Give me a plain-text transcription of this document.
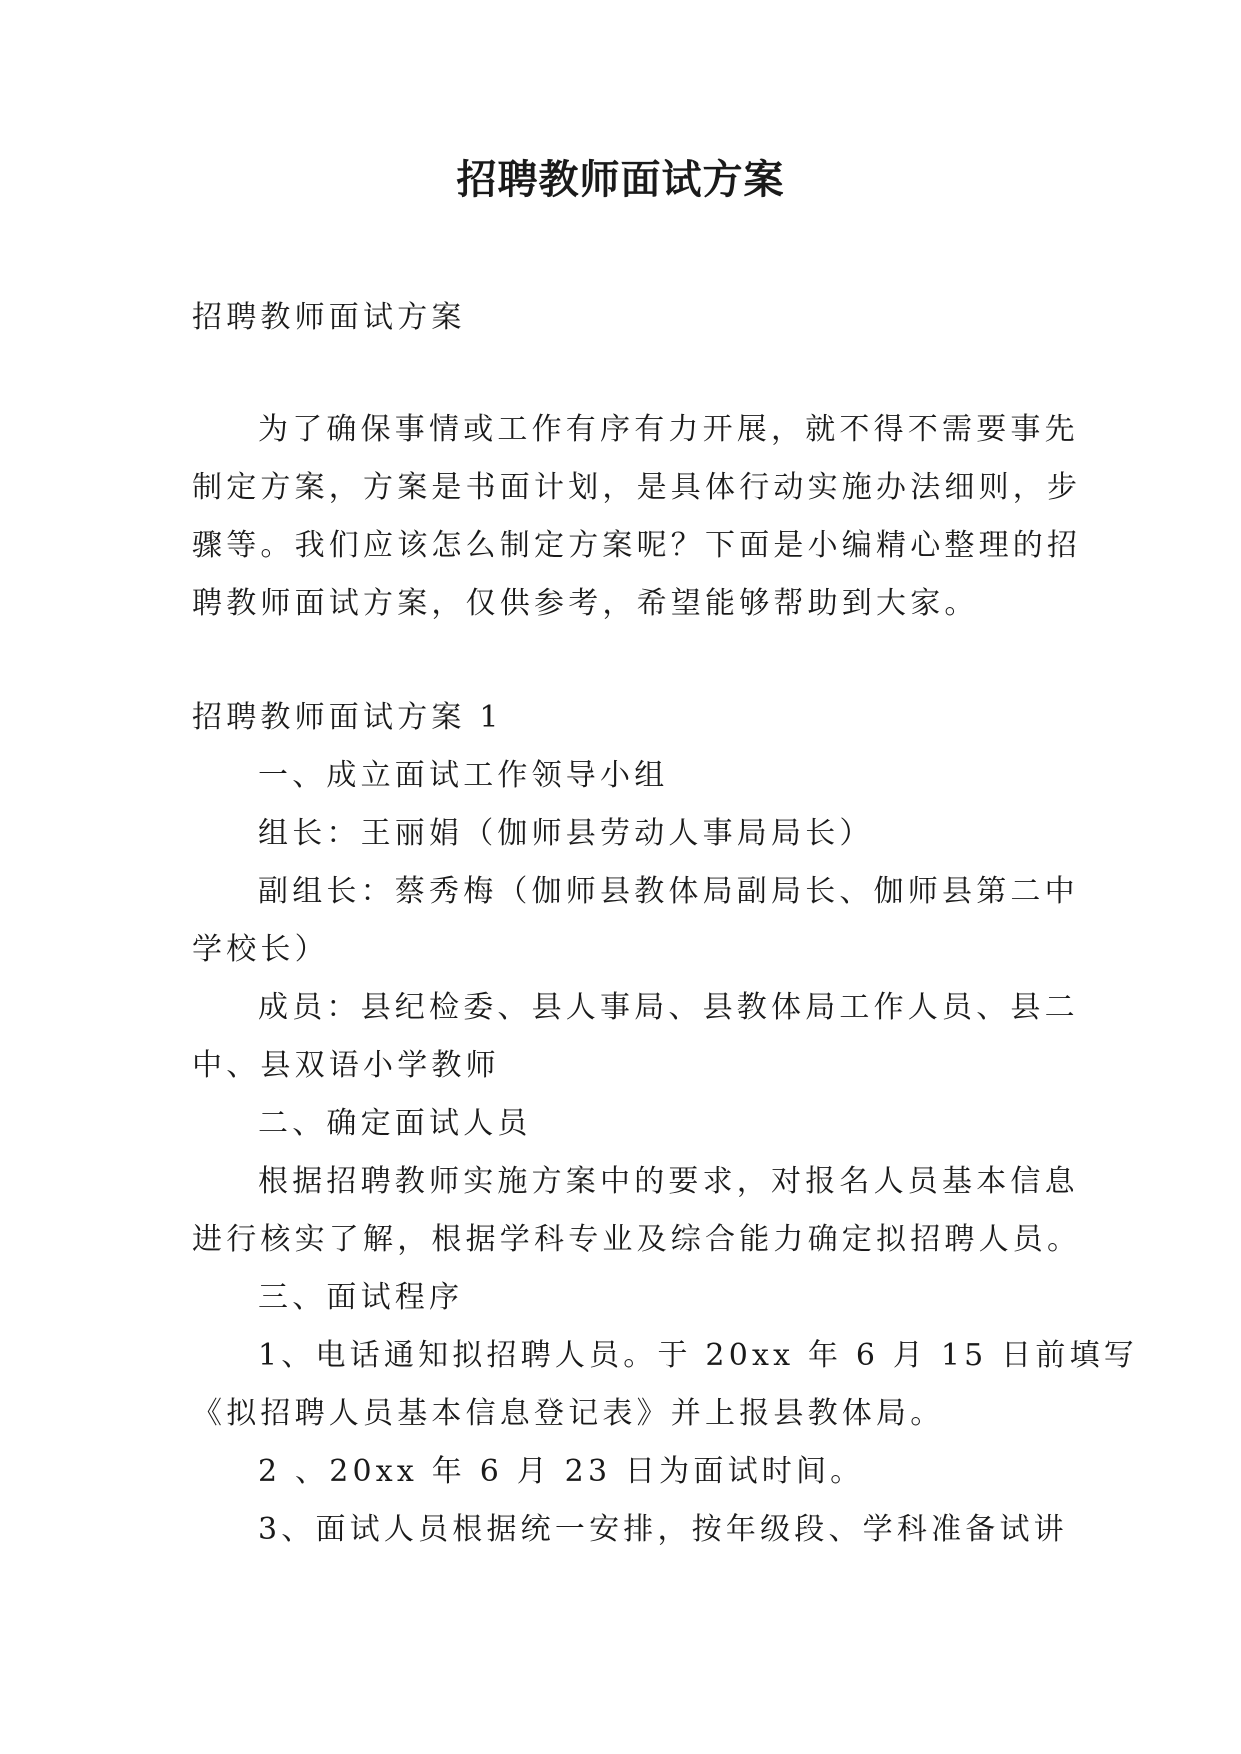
招聘教师面试方案

招聘教师面试方案

为了确保事情或工作有序有力开展，就不得不需要事先

制定方案，方案是书面计划，是具体行动实施办法细则，步

骤等。我们应该怎么制定方案呢？下面是小编精心整理的招

聘教师面试方案，仅供参考，希望能够帮助到大家。

招聘教师面试方案 1

一、成立面试工作领导小组

组长：王丽娟（伽师县劳动人事局局长）

副组长：蔡秀梅（伽师县教体局副局长、伽师县第二中

学校长）

成员：县纪检委、县人事局、县教体局工作人员、县二

中、县双语小学教师

二、确定面试人员

根据招聘教师实施方案中的要求，对报名人员基本信息

进行核实了解，根据学科专业及综合能力确定拟招聘人员。

三、面试程序

1、电话通知拟招聘人员。于 20xx 年 6 月 15 日前填写

《拟招聘人员基本信息登记表》并上报县教体局。

2 、20xx 年 6 月 23 日为面试时间。

3、面试人员根据统一安排，按年级段、学科准备试讲
